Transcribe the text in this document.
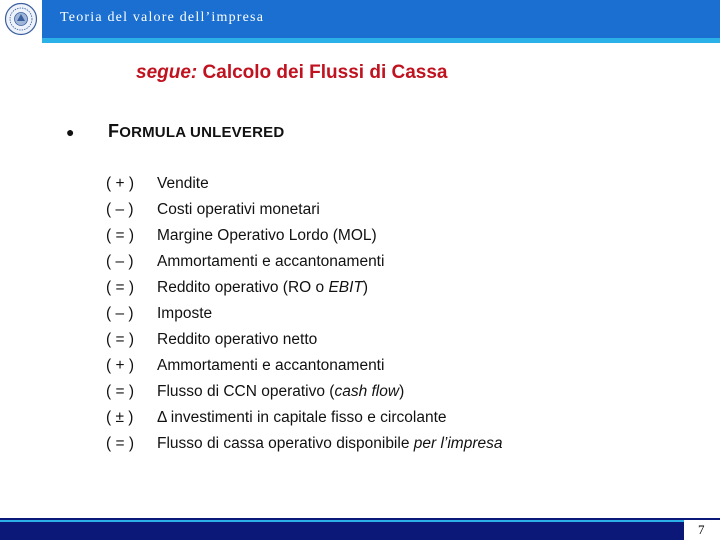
Teoria del valore dell’impresa
segue: Calcolo dei Flussi di Cassa
●	FORMULA UNLEVERED
( + )	Vendite
( – )	Costi operativi monetari
( = )	Margine Operativo Lordo (MOL)
( – )	Ammortamenti e accantonamenti
( = )	Reddito operativo (RO o EBIT)
( – )	Imposte
( = )	Reddito operativo netto
( + )	Ammortamenti e accantonamenti
( = )	Flusso di CCN operativo (cash flow)
( ± )	Δ investimenti in capitale fisso e circolante
( = )	Flusso di cassa operativo disponibile per l’impresa
7
